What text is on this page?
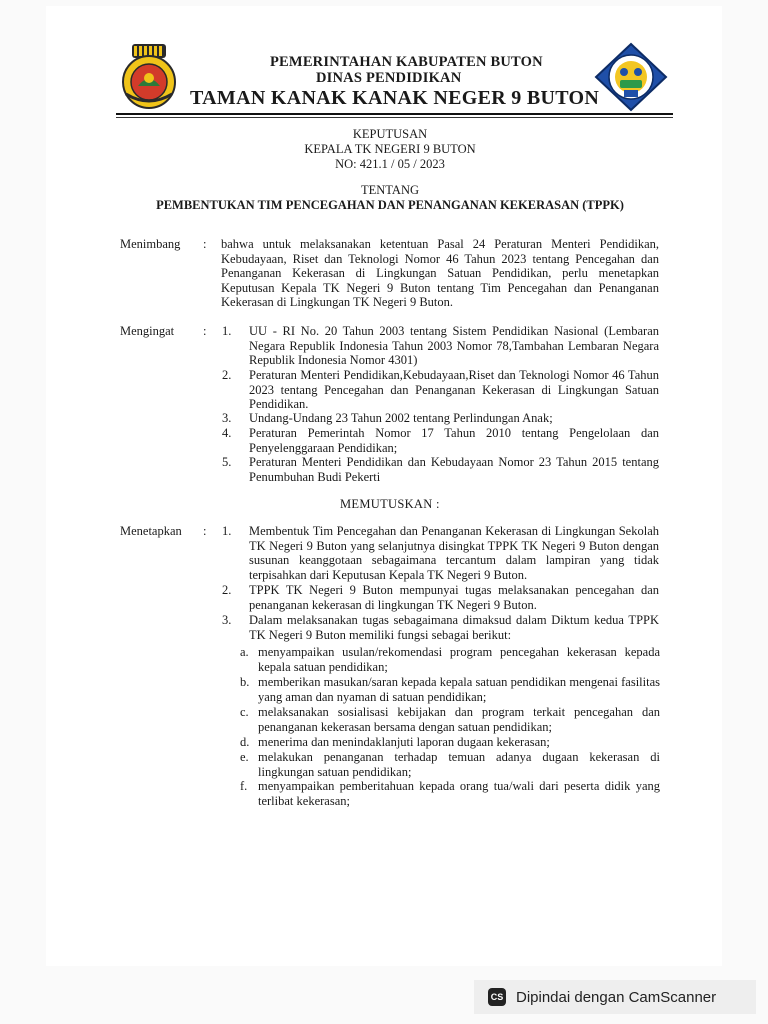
PEMERINTAHAN KABUPATEN BUTON
DINAS PENDIDIKAN
TAMAN KANAK KANAK NEGER 9 BUTON
KEPUTUSAN
KEPALA TK NEGERI 9 BUTON
NO: 421.1 / 05 / 2023
TENTANG
PEMBENTUKAN TIM PENCEGAHAN DAN PENANGANAN KEKERASAN (TPPK)
Menimbang : bahwa untuk melaksanakan ketentuan Pasal 24 Peraturan Menteri Pendidikan, Kebudayaan, Riset dan Teknologi Nomor 46 Tahun 2023 tentang Pencegahan dan Penanganan Kekerasan di Lingkungan Satuan Pendidikan, perlu menetapkan Keputusan Kepala TK Negeri 9 Buton tentang Tim Pencegahan dan Penanganan Kekerasan di Lingkungan TK Negeri 9 Buton.
Mengingat : 1. UU - RI No. 20 Tahun 2003 tentang Sistem Pendidikan Nasional (Lembaran Negara Republik Indonesia Tahun 2003 Nomor 78,Tambahan Lembaran Negara Republik Indonesia Nomor 4301)
2. Peraturan Menteri Pendidikan,Kebudayaan,Riset dan Teknologi Nomor 46 Tahun 2023 tentang Pencegahan dan Penanganan Kekerasan di Lingkungan Satuan Pendidikan.
3. Undang-Undang 23 Tahun 2002 tentang Perlindungan Anak;
4. Peraturan Pemerintah Nomor 17 Tahun 2010 tentang Pengelolaan dan Penyelenggaraan Pendidikan;
5. Peraturan Menteri Pendidikan dan Kebudayaan Nomor 23 Tahun 2015 tentang Penumbuhan Budi Pekerti
MEMUTUSKAN :
Menetapkan : 1. Membentuk Tim Pencegahan dan Penanganan Kekerasan di Lingkungan Sekolah TK Negeri 9 Buton yang selanjutnya disingkat TPPK TK Negeri 9 Buton dengan susunan keanggotaan sebagaimana tercantum dalam lampiran yang tidak terpisahkan dari Keputusan Kepala TK Negeri 9 Buton.
2. TPPK TK Negeri 9 Buton mempunyai tugas melaksanakan pencegahan dan penanganan kekerasan di lingkungan TK Negeri 9 Buton.
3. Dalam melaksanakan tugas sebagaimana dimaksud dalam Diktum kedua TPPK TK Negeri 9 Buton memiliki fungsi sebagai berikut:
a. menyampaikan usulan/rekomendasi program pencegahan kekerasan kepada kepala satuan pendidikan;
b. memberikan masukan/saran kepada kepala satuan pendidikan mengenai fasilitas yang aman dan nyaman di satuan pendidikan;
c. melaksanakan sosialisasi kebijakan dan program terkait pencegahan dan penanganan kekerasan bersama dengan satuan pendidikan;
d. menerima dan menindaklanjuti laporan dugaan kekerasan;
e. melakukan penanganan terhadap temuan adanya dugaan kekerasan di lingkungan satuan pendidikan;
f. menyampaikan pemberitahuan kepada orang tua/wali dari peserta didik yang terlibat kekerasan;
CS Dipindai dengan CamScanner
